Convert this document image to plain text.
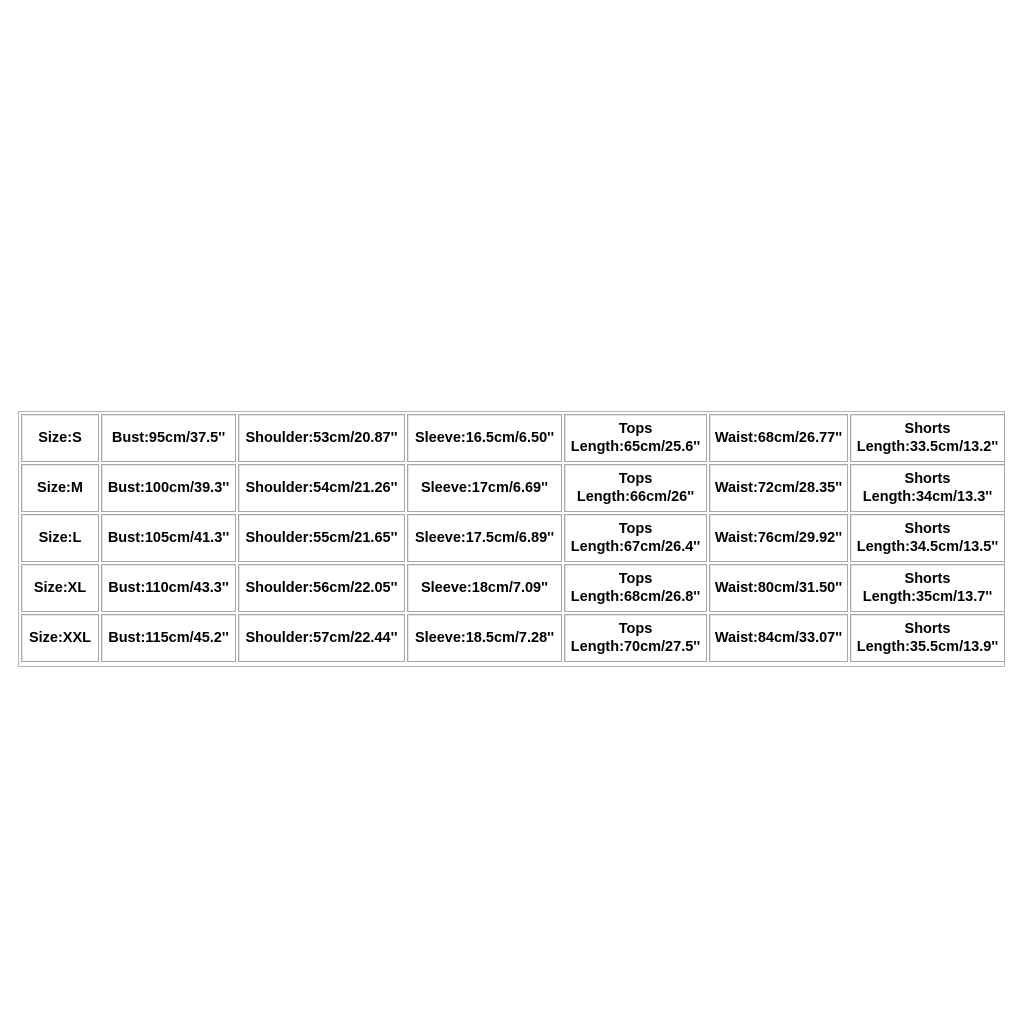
Size:S Bust:95cm/37.5'' Shoulder:53cm/20.87'' Sleeve:16.5cm/6.50''
Tops
Length:65cm/25.6''
Waist:68cm/26.77''
Shorts
Length:33.5cm/13.2''
Size:M Bust:100cm/39.3'' Shoulder:54cm/21.26'' Sleeve:17cm/6.69''
Tops
Length:66cm/26''
Waist:72cm/28.35''
Shorts
Length:34cm/13.3''
Size:L Bust:105cm/41.3'' Shoulder:55cm/21.65'' Sleeve:17.5cm/6.89''
Tops
Length:67cm/26.4''
Waist:76cm/29.92''
Shorts
Length:34.5cm/13.5''
Size:XL Bust:110cm/43.3'' Shoulder:56cm/22.05'' Sleeve:18cm/7.09''
Tops
Length:68cm/26.8''
Waist:80cm/31.50''
Shorts
Length:35cm/13.7''
Size:XXL Bust:115cm/45.2'' Shoulder:57cm/22.44'' Sleeve:18.5cm/7.28''
Tops
Length:70cm/27.5''
Waist:84cm/33.07''
Shorts
Length:35.5cm/13.9''
